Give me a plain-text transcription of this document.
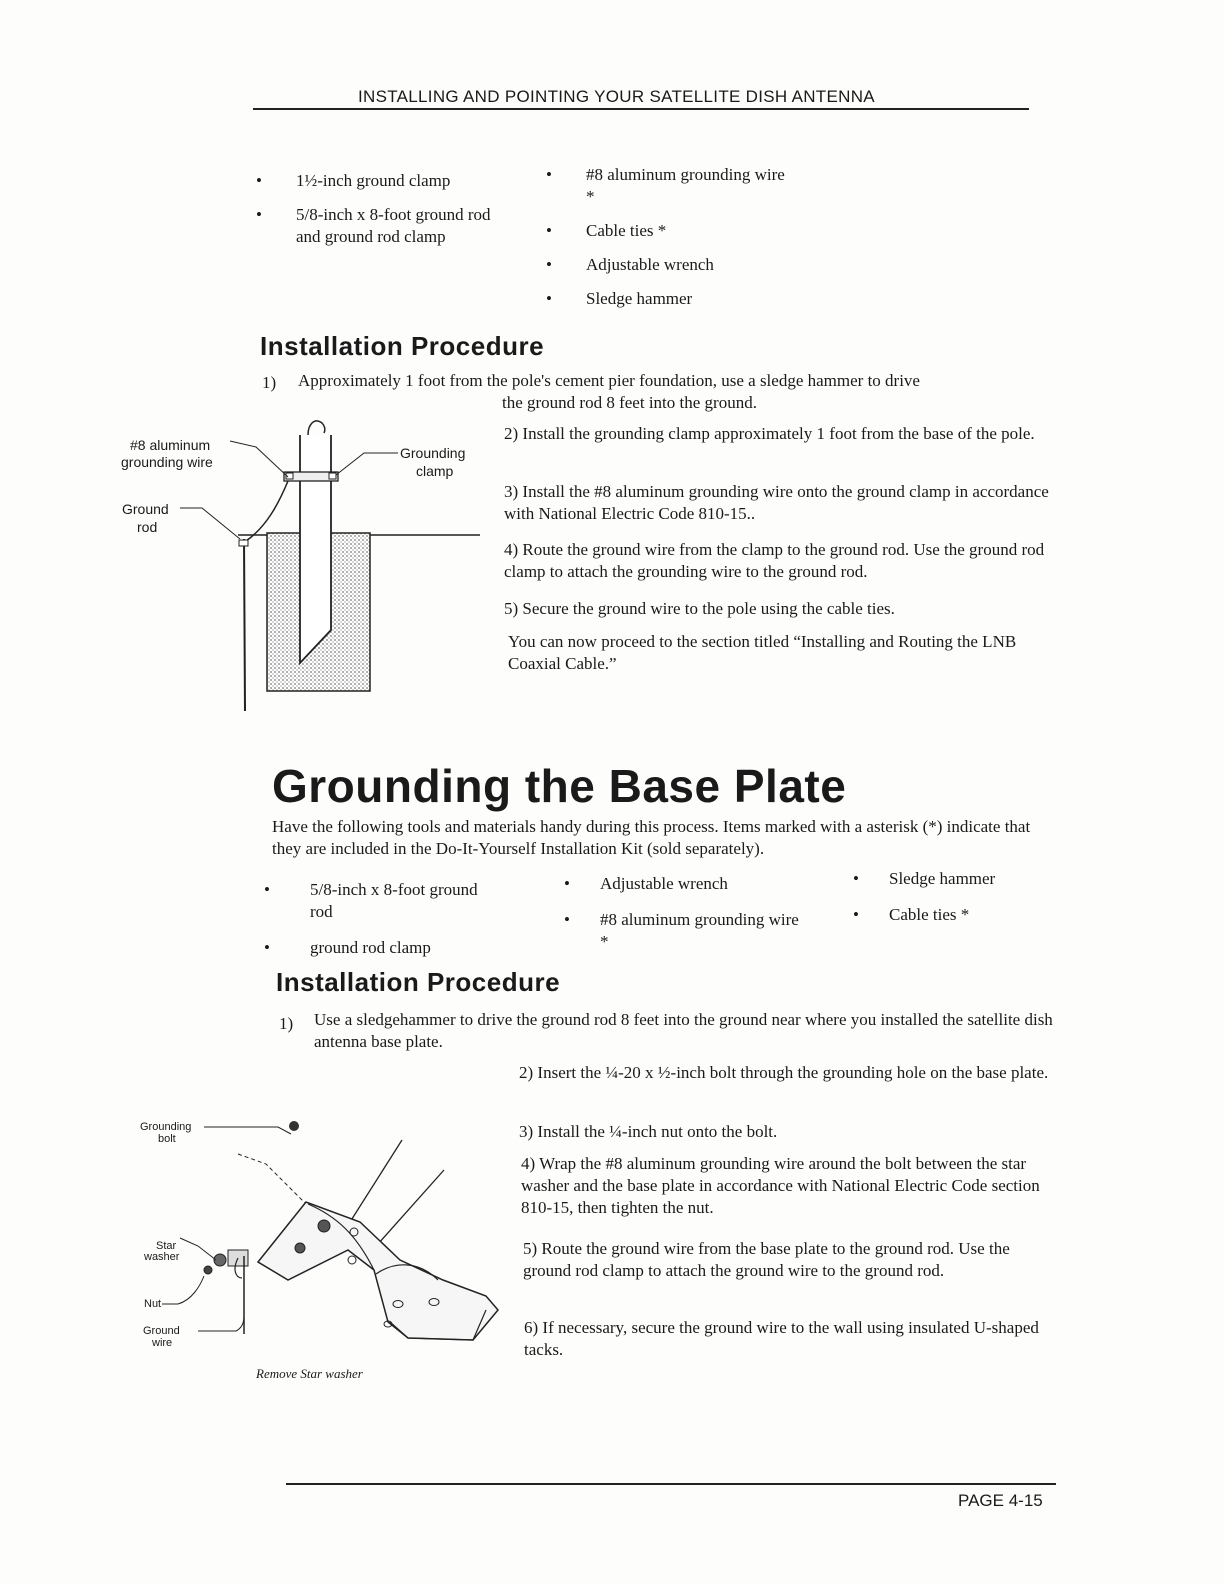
INSTALLING AND POINTING YOUR SATELLITE DISH ANTENNA
• 1½-inch ground clamp
• 5/8-inch x 8-foot ground rod and ground rod clamp
• #8 aluminum grounding wire *
• Cable ties *
• Adjustable wrench
• Sledge hammer
Installation Procedure
1) Approximately 1 foot from the pole's cement pier foundation, use a sledge hammer to drive
the ground rod 8 feet into the ground.
2) Install the grounding clamp approximately 1 foot from the base of the pole.
3) Install the #8 aluminum grounding wire onto the ground clamp in accordance with National Electric Code 810-15..
4) Route the ground wire from the clamp to the ground rod. Use the ground rod clamp to attach the grounding wire to the ground rod.
5) Secure the ground wire to the pole using the cable ties.
You can now proceed to the section titled “Installing and Routing the LNB Coaxial Cable.”
#8 aluminum
grounding wire
Grounding
clamp
Ground
rod
Grounding the Base Plate
Have the following tools and materials handy during this process. Items marked with a asterisk (*) indicate that they are included in the Do-It-Yourself Installation Kit (sold separately).
• 5/8-inch x 8-foot ground rod
• ground rod clamp
• Adjustable wrench
• #8 aluminum grounding wire *
• Sledge hammer
• Cable ties *
Installation Procedure
1) Use a sledgehammer to drive the ground rod 8 feet into the ground near where you installed the satellite dish antenna base plate.
2) Insert the ¼-20 x ½-inch bolt through the grounding hole on the base plate.
3) Install the ¼-inch nut onto the bolt.
4) Wrap the #8 aluminum grounding wire around the bolt between the star washer and the base plate in accordance with National Electric Code section 810-15, then tighten the nut.
5) Route the ground wire from the base plate to the ground rod. Use the ground rod clamp to attach the ground wire to the ground rod.
6) If necessary, secure the ground wire to the wall using insulated U-shaped tacks.
Grounding
bolt
Star
washer
Nut
Ground
wire
Remove Star washer
PAGE 4-15
